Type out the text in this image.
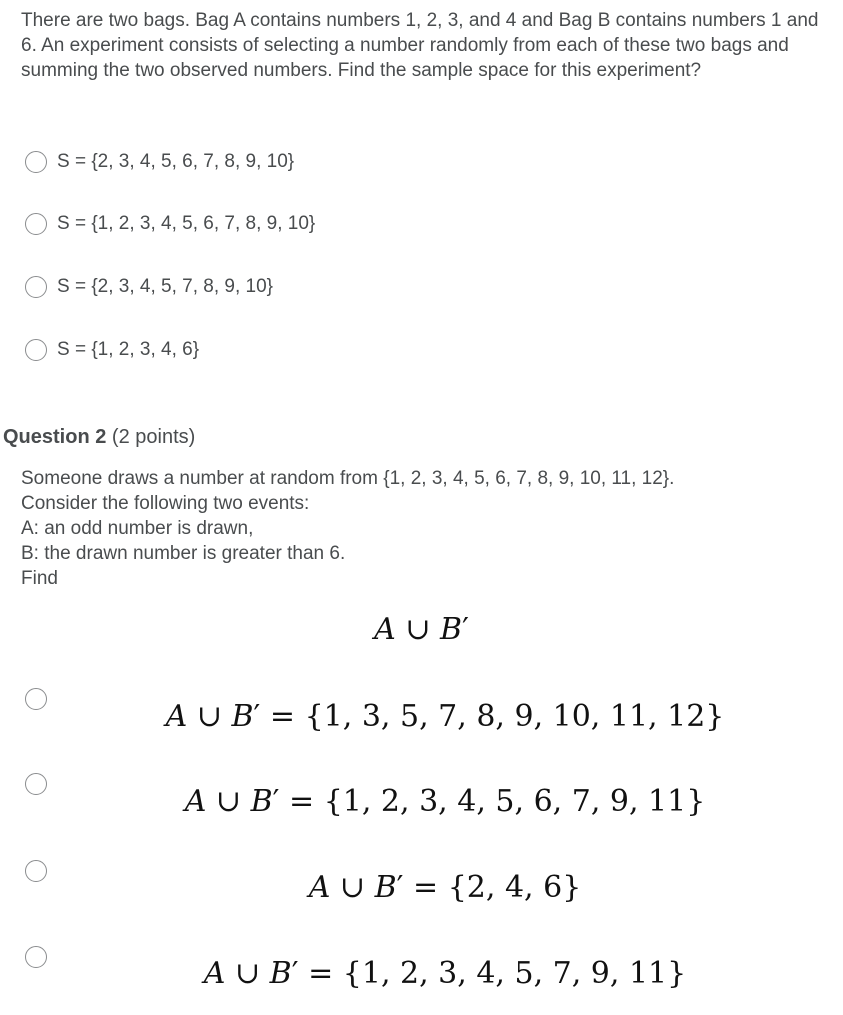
There are two bags. Bag A contains numbers 1, 2, 3, and 4 and Bag B contains numbers 1 and 6. An experiment consists of selecting a number randomly from each of these two bags and summing the two observed numbers. Find the sample space for this experiment?

S = {2, 3, 4, 5, 6, 7, 8, 9, 10}
S = {1, 2, 3, 4, 5, 6, 7, 8, 9, 10}
S = {2, 3, 4, 5, 7, 8, 9, 10}
S = {1, 2, 3, 4, 6}

Question 2 (2 points)

Someone draws a number at random from {1, 2, 3, 4, 5, 6, 7, 8, 9, 10, 11, 12}.
Consider the following two events:
A: an odd number is drawn,
B: the drawn number is greater than 6.
Find
A ∪ B′
A ∪ B′ = {1, 3, 5, 7, 8, 9, 10, 11, 12}
A ∪ B′ = {1, 2, 3, 4, 5, 6, 7, 9, 11}
A ∪ B′ = {2, 4, 6}
A ∪ B′ = {1, 2, 3, 4, 5, 7, 9, 11}
